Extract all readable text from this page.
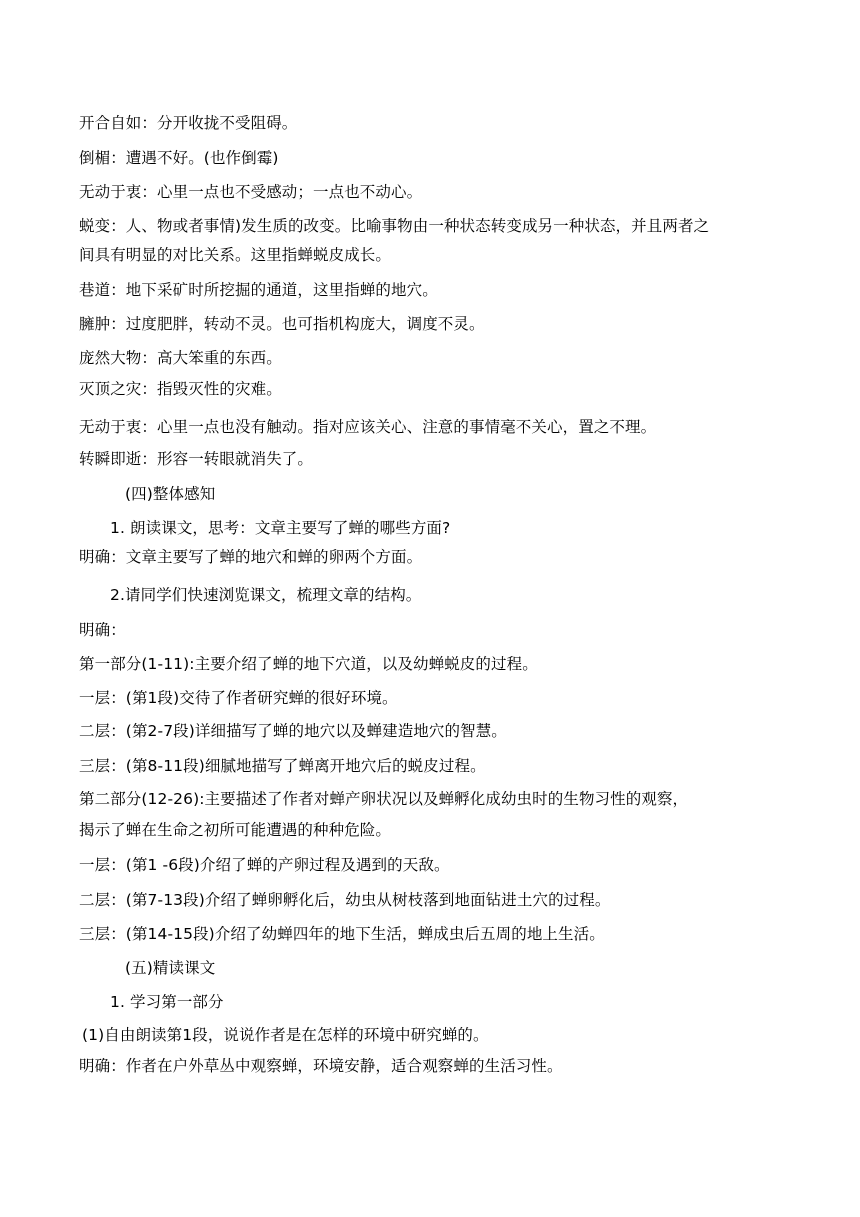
开合自如：分开收拢不受阻碍。

倒楣：遭遇不好。(也作倒霉)

无动于衷：心里一点也不受感动；一点也不动心。

蜕变：人、物或者事情)发生质的改变。比喻事物由一种状态转变成另一种状态，并且两者之

间具有明显的对比关系。这里指蝉蜕皮成长。

巷道：地下采矿时所挖掘的通道，这里指蝉的地穴。

臃肿：过度肥胖，转动不灵。也可指机构庞大，调度不灵。

庞然大物：高大笨重的东西。

灭顶之灾：指毁灭性的灾难。

无动于衷：心里一点也没有触动。指对应该关心、注意的事情毫不关心，置之不理。

转瞬即逝：形容一转眼就消失了。

(四)整体感知

1. 朗读课文，思考：文章主要写了蝉的哪些方面?

明确：文章主要写了蝉的地穴和蝉的卵两个方面。

2.请同学们快速浏览课文，梳理文章的结构。

明确：

第一部分(1-11):主要介绍了蝉的地下穴道，以及幼蝉蜕皮的过程。

一层：(第1段)交待了作者研究蝉的很好环境。

二层：(第2-7段)详细描写了蝉的地穴以及蝉建造地穴的智慧。

三层：(第8-11段)细腻地描写了蝉离开地穴后的蜕皮过程。

第二部分(12-26):主要描述了作者对蝉产卵状况以及蝉孵化成幼虫时的生物习性的观察，

揭示了蝉在生命之初所可能遭遇的种种危险。

一层：(第1 -6段)介绍了蝉的产卵过程及遇到的天敌。

二层：(第7-13段)介绍了蝉卵孵化后，幼虫从树枝落到地面钻进土穴的过程。

三层：(第14-15段)介绍了幼蝉四年的地下生活，蝉成虫后五周的地上生活。

(五)精读课文

1. 学习第一部分

(1)自由朗读第1段，说说作者是在怎样的环境中研究蝉的。

明确：作者在户外草丛中观察蝉，环境安静，适合观察蝉的生活习性。
